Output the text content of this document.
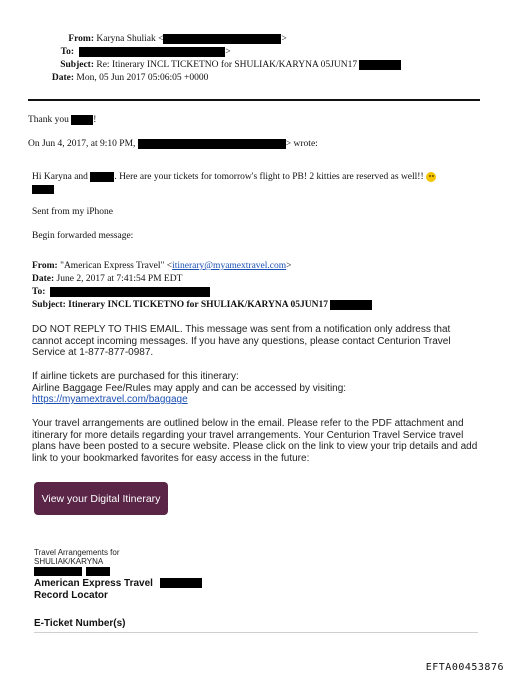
From: Karyna Shuliak <	>
To:	>
Subject: Re: Itinerary INCL TICKETNO for SHULIAK/KARYNA 05JUN17
Date: Mon, 05 Jun 2017 05:06:05 +0000
Thank you	!
On Jun 4, 2017, at 9:10 PM,	> wrote:
Hi Karyna and	. Here are your tickets for tomorrow's flight to PB! 2 kitties are reserved as well!!
Sent from my iPhone
Begin forwarded message:
From: "American Express Travel" <itinerary@myamextravel.com>
Date: June 2, 2017 at 7:41:54 PM EDT
To:
Subject: Itinerary INCL TICKETNO for SHULIAK/KARYNA 05JUN17
DO NOT REPLY TO THIS EMAIL. This message was sent from a notification only address that cannot accept incoming messages. If you have any questions, please contact Centurion Travel Service at 1-877-877-0987.
If airline tickets are purchased for this itinerary:
Airline Baggage Fee/Rules may apply and can be accessed by visiting:
https://myamextravel.com/baggage
Your travel arrangements are outlined below in the email. Please refer to the PDF attachment and itinerary for more details regarding your travel arrangements. Your Centurion Travel Service travel plans have been posted to a secure website. Please click on the link to view your trip details and add link to your bookmarked favorites for easy access in the future:
View your Digital Itinerary
Travel Arrangements for
SHULIAK/KARYNA

American Express Travel
Record Locator
E-Ticket Number(s)
EFTA00453876
